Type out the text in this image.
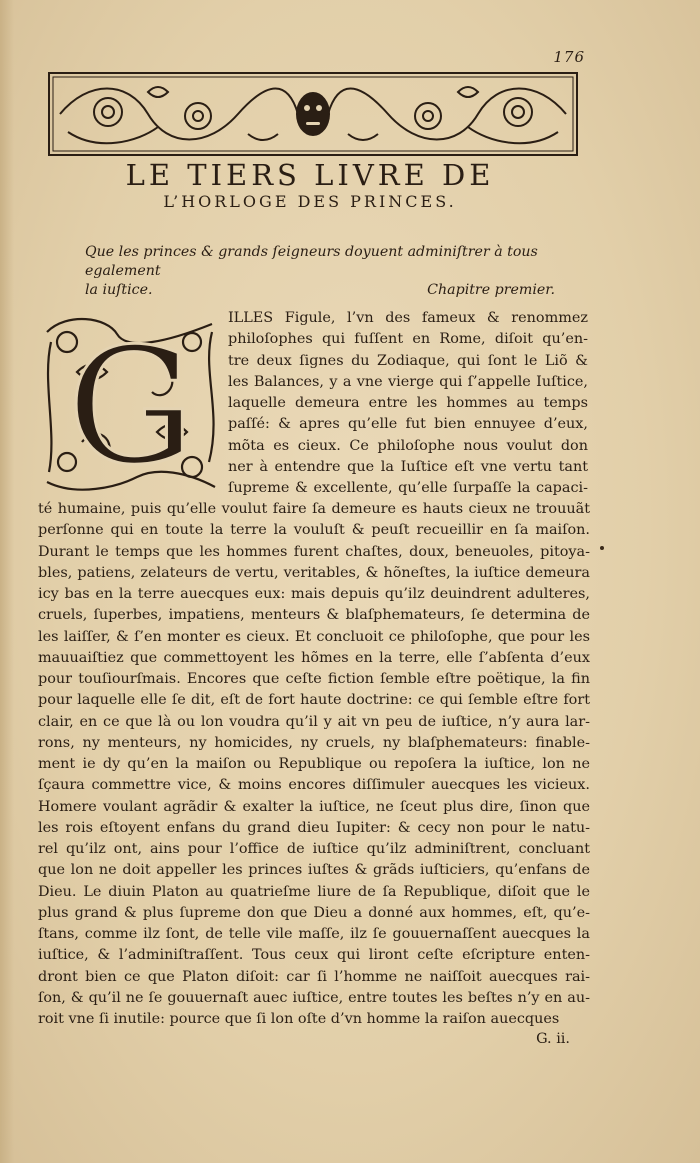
176
LE TIERS LIVRE DE
L’HORLOGE DES PRINCES.
Que les princes & grands ſeigneurs doyuent adminiſtrer à tous egalement
la iuſtice.	Chapitre premier.
G ILLES Figule, l’vn des fameux & renommez
philoſophes qui fuſſent en Rome, diſoit qu’en-
tre deux ſignes du Zodiaque, qui ſont le Liõ &
les Balances, y a vne vierge qui ſ’appelle Iuſtice,
laquelle demeura entre les hommes au temps
paſſé: & apres qu’elle fut bien ennuyee d’eux,
mõta es cieux. Ce philoſophe nous voulut don
ner à entendre que la Iuſtice eſt vne vertu tant
ſupreme & excellente, qu’elle ſurpaſſe la capaci-
té humaine, puis qu’elle voulut faire ſa demeure es hauts cieux ne trouuãt
perſonne qui en toute la terre la vouluſt & peuſt recueillir en ſa maiſon.
Durant le temps que les hommes furent chaſtes, doux, beneuoles, pitoya-
bles, patiens, zelateurs de vertu, veritables, & hõneſtes, la iuſtice demeura
icy bas en la terre auecques eux: mais depuis qu’ilz deuindrent adulteres,
cruels, ſuperbes, impatiens, menteurs & blaſphemateurs, ſe determina de
les laiſſer, & ſ’en monter es cieux. Et concluoit ce philoſophe, que pour les
mauuaiſtiez que commettoyent les hõmes en la terre, elle ſ’abſenta d’eux
pour touſiourſmais. Encores que ceſte fiction ſemble eſtre poëtique, la fin
pour laquelle elle ſe dit, eſt de fort haute doctrine: ce qui ſemble eſtre fort
clair, en ce que là ou lon voudra qu’il y ait vn peu de iuſtice, n’y aura lar-
rons, ny menteurs, ny homicides, ny cruels, ny blaſphemateurs: finable-
ment ie dy qu’en la maiſon ou Republique ou repoſera la iuſtice, lon ne
ſçaura commettre vice, & moins encores diſſimuler auecques les vicieux.
Homere voulant agrãdir & exalter la iuſtice, ne ſceut plus dire, ſinon que
les rois eſtoyent enfans du grand dieu Iupiter: & cecy non pour le natu-
rel qu’ilz ont, ains pour l’office de iuſtice qu’ilz adminiſtrent, concluant
que lon ne doit appeller les princes iuſtes & grãds iuſticiers, qu’enfans de
Dieu. Le diuin Platon au quatrieſme liure de ſa Republique, diſoit que le
plus grand & plus ſupreme don que Dieu a donné aux hommes, eſt, qu’e-
ſtans, comme ilz ſont, de telle vile maſſe, ilz ſe gouuernaſſent auecques la
iuſtice, & l’adminiſtraſſent. Tous ceux qui liront ceſte eſcripture enten-
dront bien ce que Platon diſoit: car ſi l’homme ne naiſſoit auecques rai-
ſon, & qu’il ne ſe gouuernaſt auec iuſtice, entre toutes les beſtes n’y en au-
roit vne ſi inutile: pource que ſi lon oſte d’vn homme la raiſon auecques
G. ii.
